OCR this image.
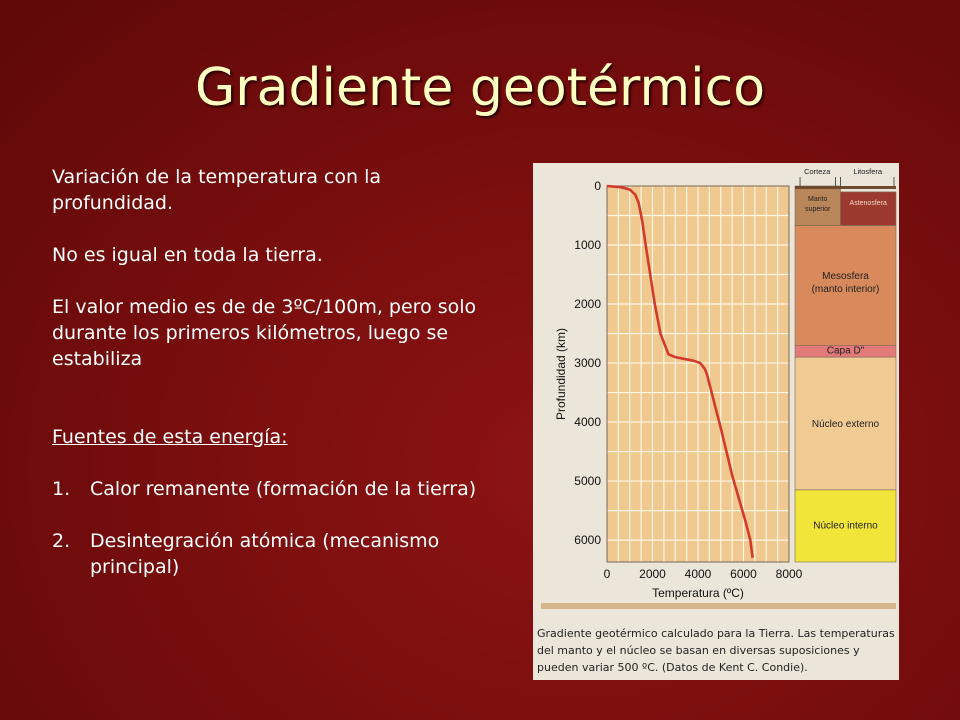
Gradiente geotérmico

Variación de la temperatura con la profundidad.

No es igual en toda la tierra.

El valor medio es de de 3ºC/100m, pero solo durante los primeros kilómetros, luego se estabiliza

Fuentes de esta energía:

1. Calor remanente (formación de la tierra)
2. Desintegración atómica (mecanismo principal)
0
1000
2000
3000
4000
5000
6000
0 2000 4000 6000 8000
Temperatura (ºC)
Profundidad (km)
Manto
superior
Astenosfera
Mesosfera
(manto interior)
Capa D"
Núcleo externo
Núcleo interno
Corteza	Litosfera
Gradiente geotérmico calculado para la Tierra. Las temperaturas del manto y el núcleo se basan en diversas suposiciones y pueden variar 500 ºC. (Datos de Kent C. Condie).
